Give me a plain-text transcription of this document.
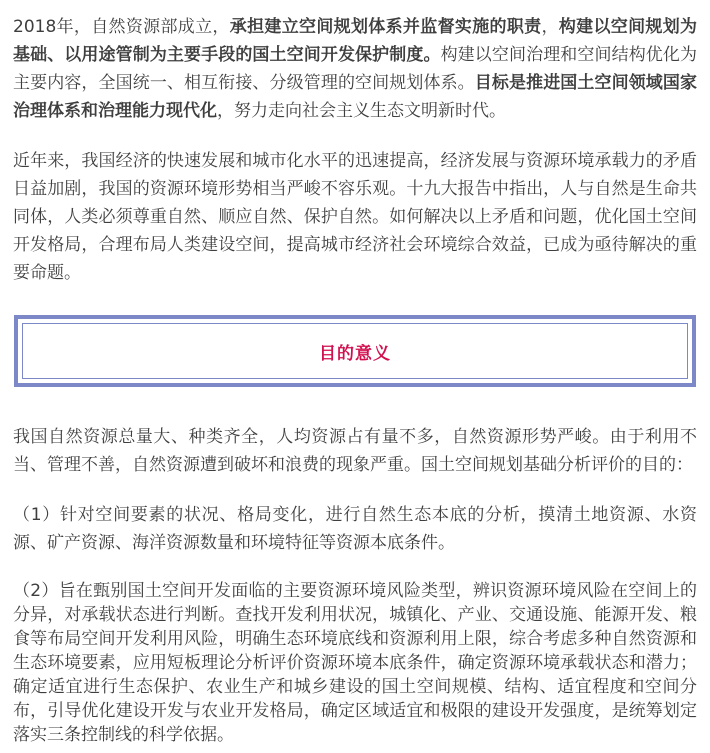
2018年，自然资源部成立，承担建立空间规划体系并监督实施的职责，构建以空间规划为基础、以用途管制为主要手段的国土空间开发保护制度。构建以空间治理和空间结构优化为主要内容，全国统一、相互衔接、分级管理的空间规划体系。目标是推进国土空间领域国家治理体系和治理能力现代化，努力走向社会主义生态文明新时代。

近年来，我国经济的快速发展和城市化水平的迅速提高，经济发展与资源环境承载力的矛盾日益加剧，我国的资源环境形势相当严峻不容乐观。十九大报告中指出，人与自然是生命共同体，人类必须尊重自然、顺应自然、保护自然。如何解决以上矛盾和问题，优化国土空间开发格局，合理布局人类建设空间，提高城市经济社会环境综合效益，已成为亟待解决的重要命题。

目的意义

我国自然资源总量大、种类齐全，人均资源占有量不多，自然资源形势严峻。由于利用不当、管理不善，自然资源遭到破坏和浪费的现象严重。国土空间规划基础分析评价的目的：

（1）针对空间要素的状况、格局变化，进行自然生态本底的分析，摸清土地资源、水资源、矿产资源、海洋资源数量和环境特征等资源本底条件。

（2）旨在甄别国土空间开发面临的主要资源环境风险类型，辨识资源环境风险在空间上的分异，对承载状态进行判断。查找开发利用状况，城镇化、产业、交通设施、能源开发、粮食等布局空间开发利用风险，明确生态环境底线和资源利用上限，综合考虑多种自然资源和生态环境要素，应用短板理论分析评价资源环境本底条件，确定资源环境承载状态和潜力；确定适宜进行生态保护、农业生产和城乡建设的国土空间规模、结构、适宜程度和空间分布，引导优化建设开发与农业开发格局，确定区域适宜和极限的建设开发强度，是统筹划定落实三条控制线的科学依据。
